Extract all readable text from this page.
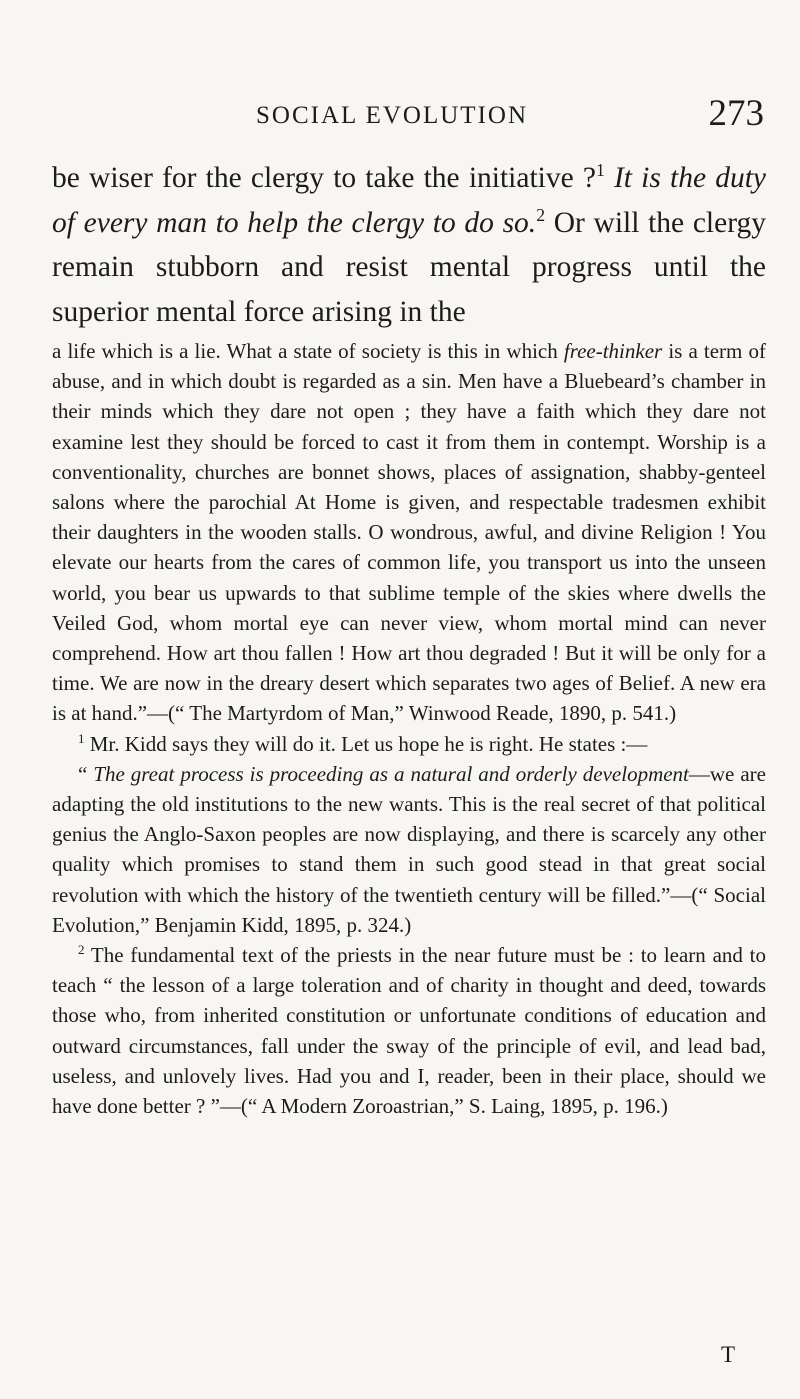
SOCIAL EVOLUTION	273

be wiser for the clergy to take the initiative ?$^1$ It is the duty of every man to help the clergy to do so.$^2$ Or will the clergy remain stubborn and resist mental progress until the superior mental force arising in the

a life which is a lie. What a state of society is this in which free-thinker is a term of abuse, and in which doubt is regarded as a sin. Men have a Bluebeard’s chamber in their minds which they dare not open ; they have a faith which they dare not examine lest they should be forced to cast it from them in contempt. Worship is a conventionality, churches are bonnet shows, places of assignation, shabby-genteel salons where the parochial At Home is given, and respectable tradesmen exhibit their daughters in the wooden stalls. O wondrous, awful, and divine Religion ! You elevate our hearts from the cares of common life, you transport us into the unseen world, you bear us upwards to that sublime temple of the skies where dwells the Veiled God, whom mortal eye can never view, whom mortal mind can never comprehend. How art thou fallen ! How art thou degraded ! But it will be only for a time. We are now in the dreary desert which separates two ages of Belief. A new era is at hand.”—(“ The Martyrdom of Man,” Winwood Reade, 1890, p. 541.)

$^1$ Mr. Kidd says they will do it. Let us hope he is right. He states :—

“ The great process is proceeding as a natural and orderly development—we are adapting the old institutions to the new wants. This is the real secret of that political genius the Anglo-Saxon peoples are now displaying, and there is scarcely any other quality which promises to stand them in such good stead in that great social revolution with which the history of the twentieth century will be filled.”—(“ Social Evolution,” Benjamin Kidd, 1895, p. 324.)

$^2$ The fundamental text of the priests in the near future must be : to learn and to teach “ the lesson of a large toleration and of charity in thought and deed, towards those who, from inherited constitution or unfortunate conditions of education and outward circumstances, fall under the sway of the principle of evil, and lead bad, useless, and unlovely lives. Had you and I, reader, been in their place, should we have done better ? ”—(“ A Modern Zoroastrian,” S. Laing, 1895, p. 196.)

T
